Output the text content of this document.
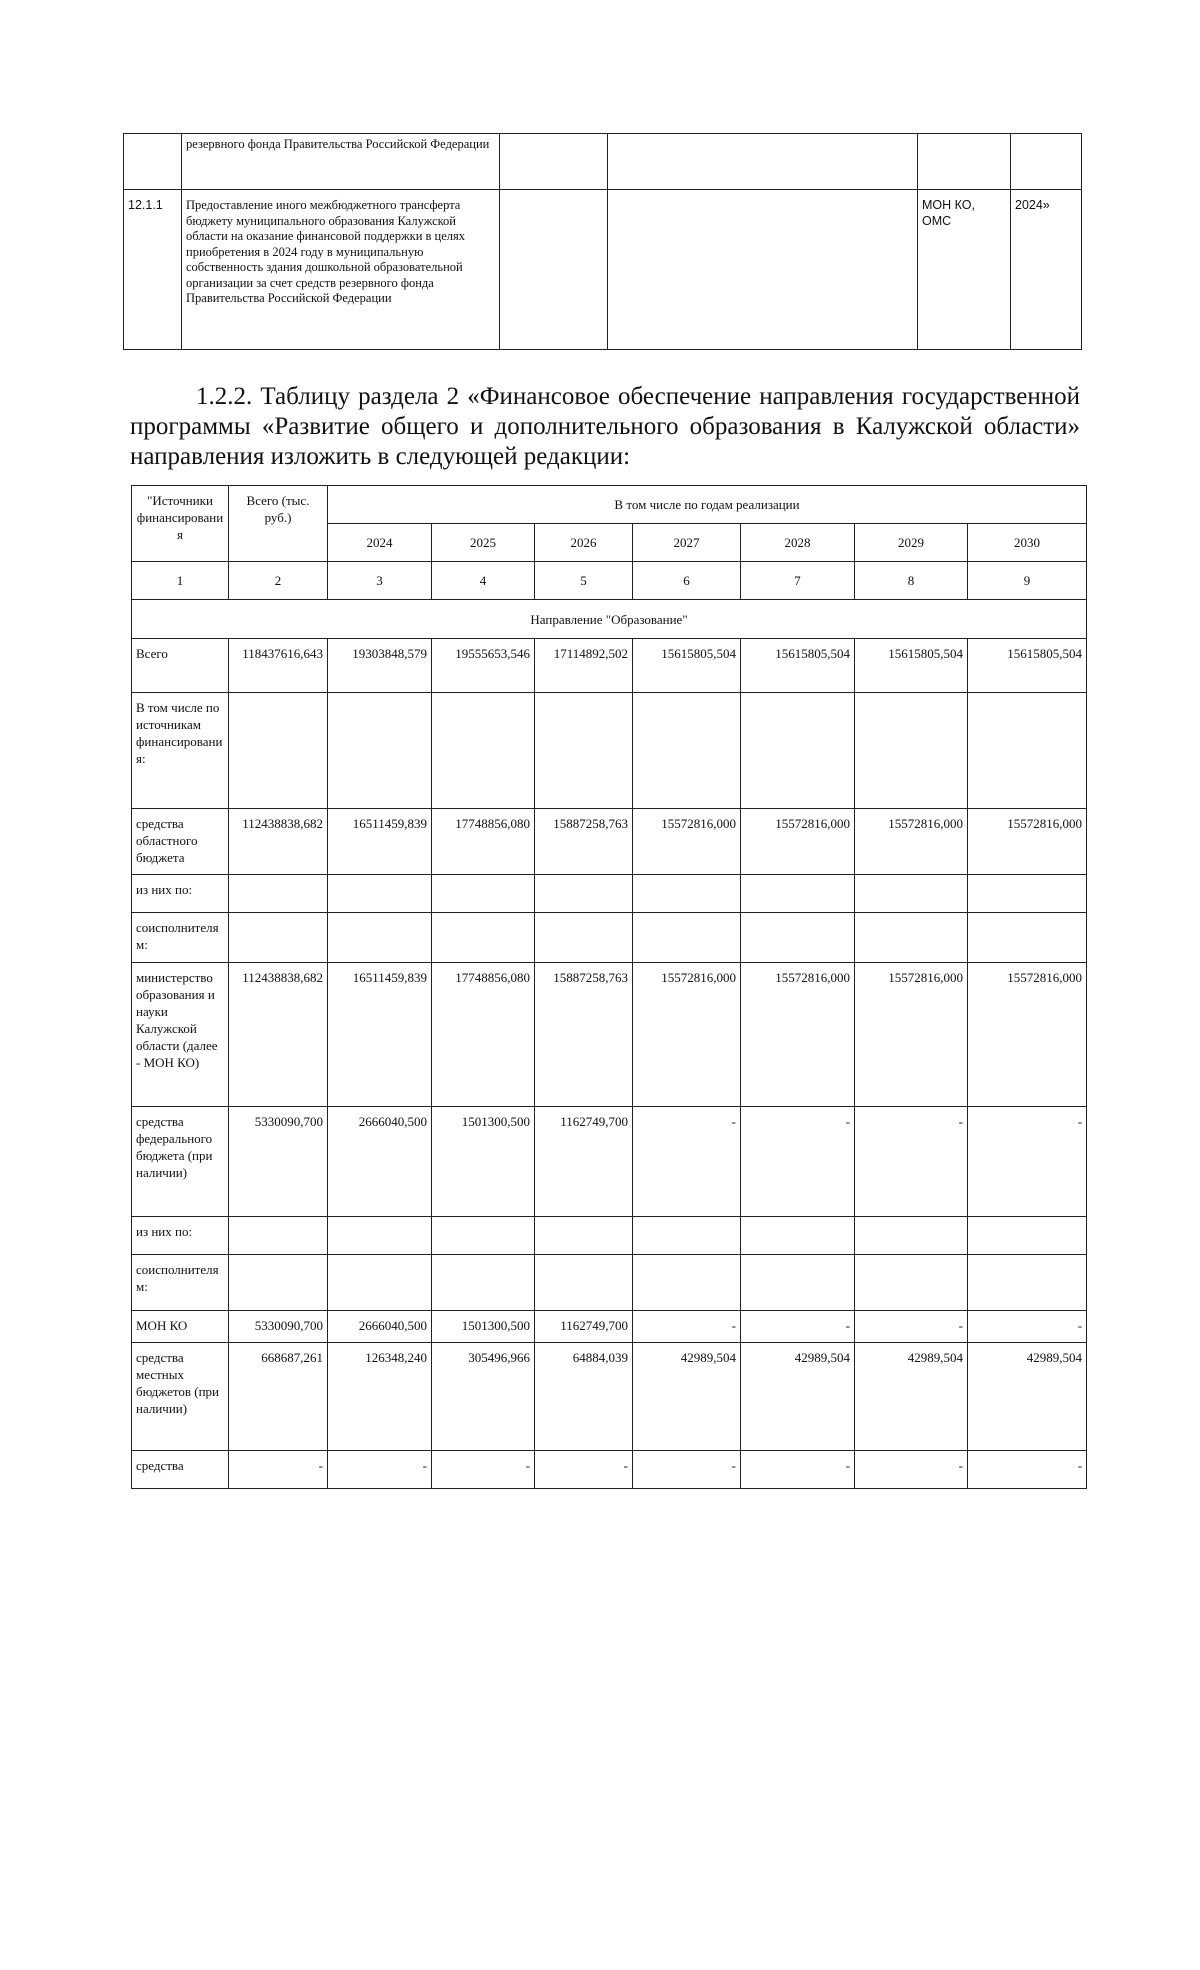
	резервного фонда Правительства Российской Федерации				
12.1.1	Предоставление иного межбюджетного трансферта бюджету муниципального образования Калужской области на оказание финансовой поддержки в целях приобретения в 2024 году в муниципальную собственность здания дошкольной образовательной организации за счет средств резервного фонда Правительства Российской Федерации			МОН КО, ОМС	2024»

1.2.2. Таблицу раздела 2 «Финансовое обеспечение направления государственной программы «Развитие общего и дополнительного образования в Калужской области» направления изложить в следующей редакции:

"Источники финансирования	Всего (тыс. руб.)	В том числе по годам реализации						
		2024	2025	2026	2027	2028	2029	2030
1	2	3	4	5	6	7	8	9
Направление "Образование"								
Всего	118437616,643	19303848,579	19555653,546	17114892,502	15615805,504	15615805,504	15615805,504	15615805,504
В том числе по источникам финансирования:								
средства областного бюджета	112438838,682	16511459,839	17748856,080	15887258,763	15572816,000	15572816,000	15572816,000	15572816,000
из них по:								
соисполнителям:								
министерство образования и науки Калужской области (далее - МОН КО)	112438838,682	16511459,839	17748856,080	15887258,763	15572816,000	15572816,000	15572816,000	15572816,000
средства федерального бюджета (при наличии)	5330090,700	2666040,500	1501300,500	1162749,700	-	-	-	-
из них по:								
соисполнителям:								
МОН КО	5330090,700	2666040,500	1501300,500	1162749,700	-	-	-	-
средства местных бюджетов (при наличии)	668687,261	126348,240	305496,966	64884,039	42989,504	42989,504	42989,504	42989,504
средства	-	-	-	-	-	-	-	-
